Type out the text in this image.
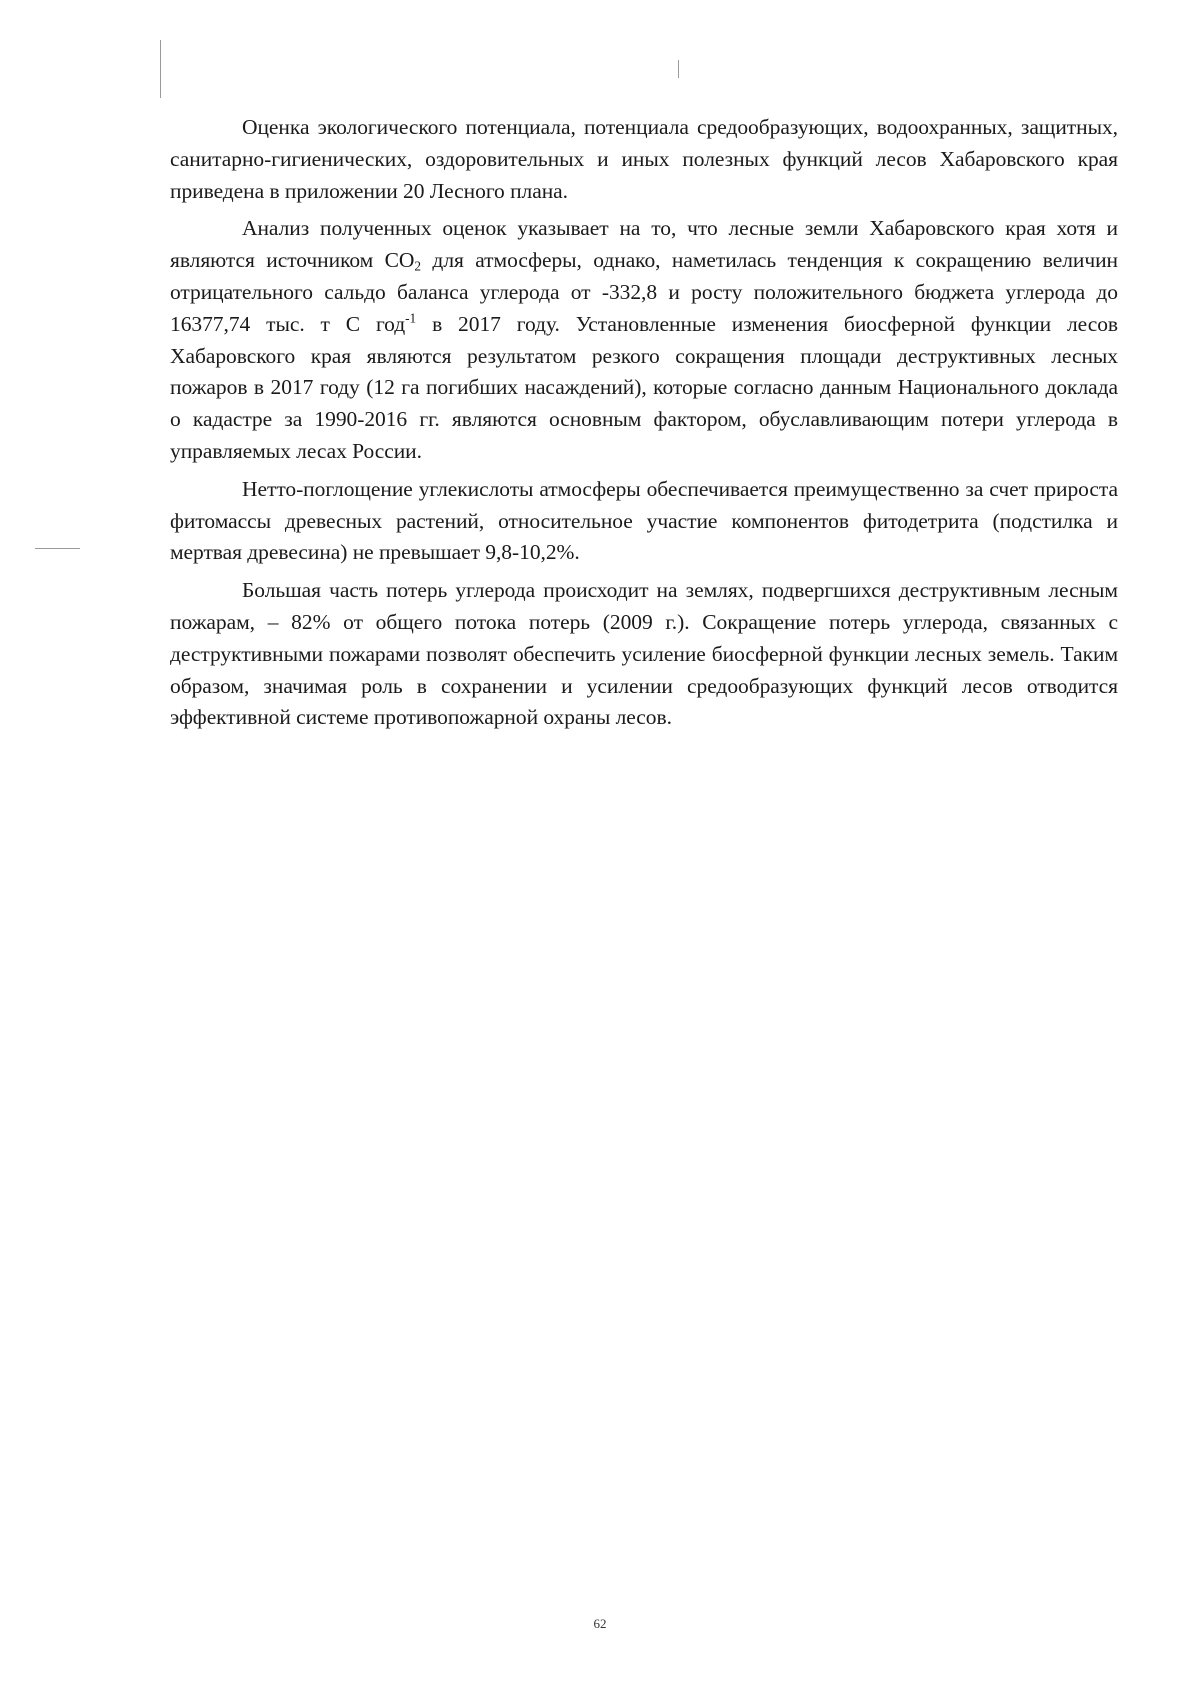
Оценка экологического потенциала, потенциала средообразующих, водоохранных, защитных, санитарно-гигиенических, оздоровительных и иных полезных функций лесов Хабаровского края приведена в приложении 20 Лесного плана.

Анализ полученных оценок указывает на то, что лесные земли Хабаровского края хотя и являются источником $CO_2$ для атмосферы, однако, наметилась тенденция к сокращению величин отрицательного сальдо баланса углерода от -332,8 и росту положительного бюджета углерода до 16377,74 тыс. т С год$^{-1}$ в 2017 году. Установленные изменения биосферной функции лесов Хабаровского края являются результатом резкого сокращения площади деструктивных лесных пожаров в 2017 году (12 га погибших насаждений), которые согласно данным Национального доклада о кадастре за 1990-2016 гг. являются основным фактором, обуславливающим потери углерода в управляемых лесах России.

Нетто-поглощение углекислоты атмосферы обеспечивается преимущественно за счет прироста фитомассы древесных растений, относительное участие компонентов фитодетрита (подстилка и мертвая древесина) не превышает 9,8-10,2%.

Большая часть потерь углерода происходит на землях, подвергшихся деструктивным лесным пожарам, – 82% от общего потока потерь (2009 г.). Сокращение потерь углерода, связанных с деструктивными пожарами позволят обеспечить усиление биосферной функции лесных земель. Таким образом, значимая роль в сохранении и усилении средообразующих функций лесов отводится эффективной системе противопожарной охраны лесов.

62
